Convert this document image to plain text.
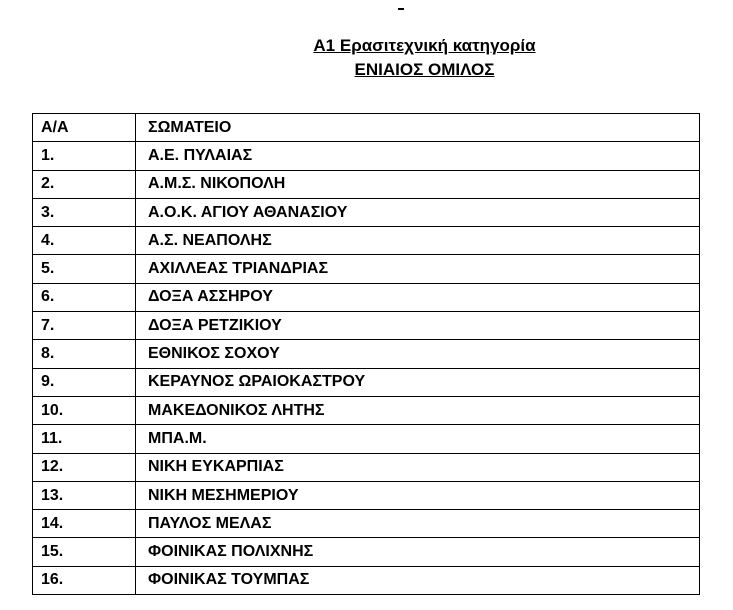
Α1 Ερασιτεχνική κατηγορία
ΕΝΙΑΙΟΣ ΟΜΙΛΟΣ
Α/Α	ΣΩΜΑΤΕΙΟ
1.	Α.Ε. ΠΥΛΑΙΑΣ
2.	Α.Μ.Σ. ΝΙΚΟΠΟΛΗ
3.	Α.Ο.Κ. ΑΓΙΟΥ ΑΘΑΝΑΣΙΟΥ
4.	Α.Σ. ΝΕΑΠΟΛΗΣ
5.	ΑΧΙΛΛΕΑΣ ΤΡΙΑΝΔΡΙΑΣ
6.	ΔΟΞΑ ΑΣΣΗΡΟΥ
7.	ΔΟΞΑ ΡΕΤΖΙΚΙΟΥ
8.	ΕΘΝΙΚΟΣ ΣΟΧΟΥ
9.	ΚΕΡΑΥΝΟΣ ΩΡΑΙΟΚΑΣΤΡΟΥ
10.	ΜΑΚΕΔΟΝΙΚΟΣ ΛΗΤΗΣ
11.	ΜΠΑ.Μ.
12.	ΝΙΚΗ ΕΥΚΑΡΠΙΑΣ
13.	ΝΙΚΗ ΜΕΣΗΜΕΡΙΟΥ
14.	ΠΑΥΛΟΣ ΜΕΛΑΣ
15.	ΦΟΙΝΙΚΑΣ ΠΟΛΙΧΝΗΣ
16.	ΦΟΙΝΙΚΑΣ ΤΟΥΜΠΑΣ
